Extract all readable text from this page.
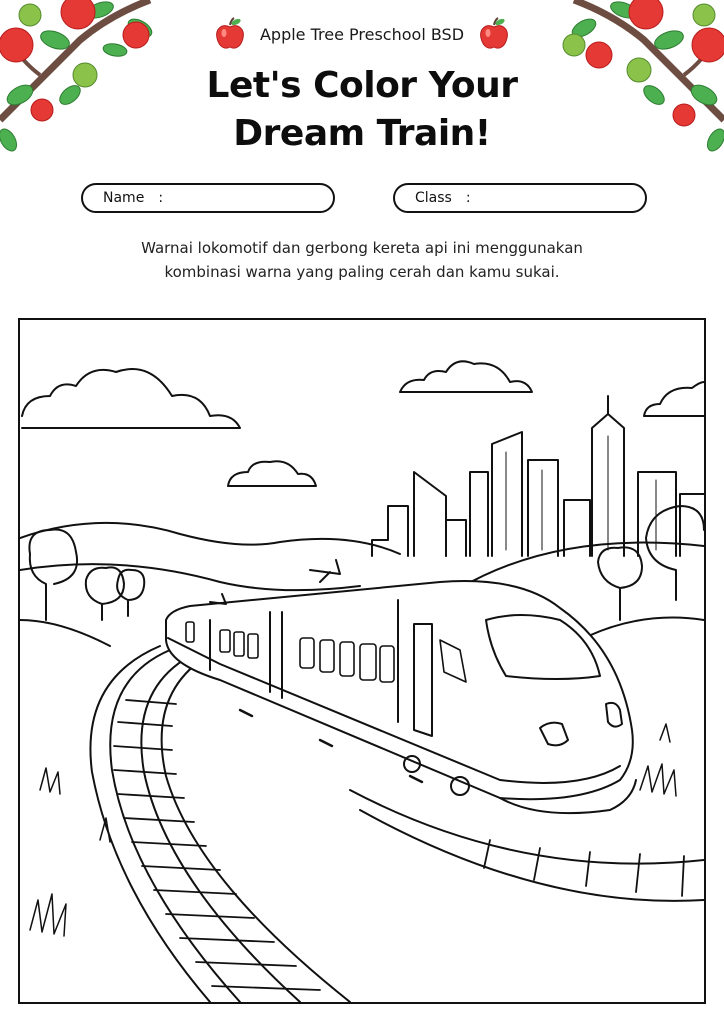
Apple Tree Preschool BSD
Let's Color Your
Dream Train!
Name :	Class :
Warnai lokomotif dan gerbong kereta api ini menggunakan
kombinasi warna yang paling cerah dan kamu sukai.
